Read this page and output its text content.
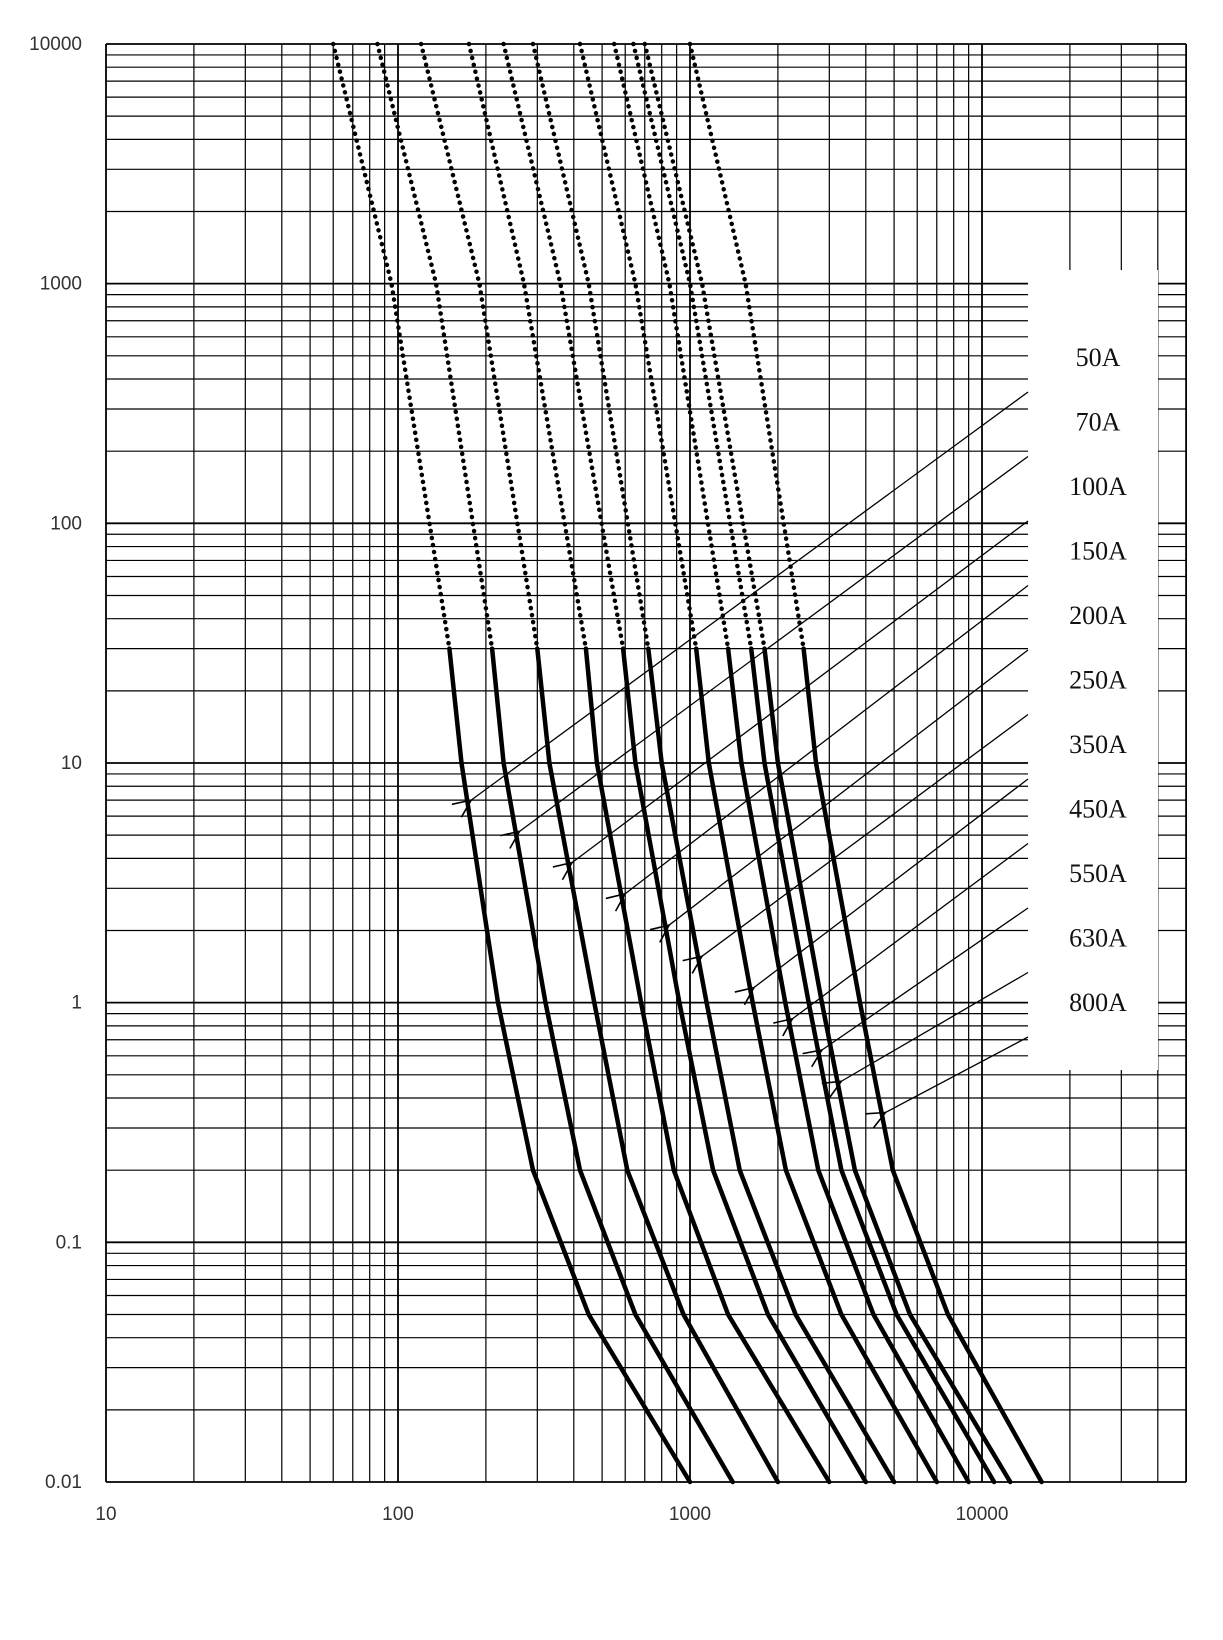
10	100	1000	10000
10000
1000
100
10
1
0.1
0.01
50A
70A
100A
150A
200A
250A
350A
450A
550A
630A
800A
